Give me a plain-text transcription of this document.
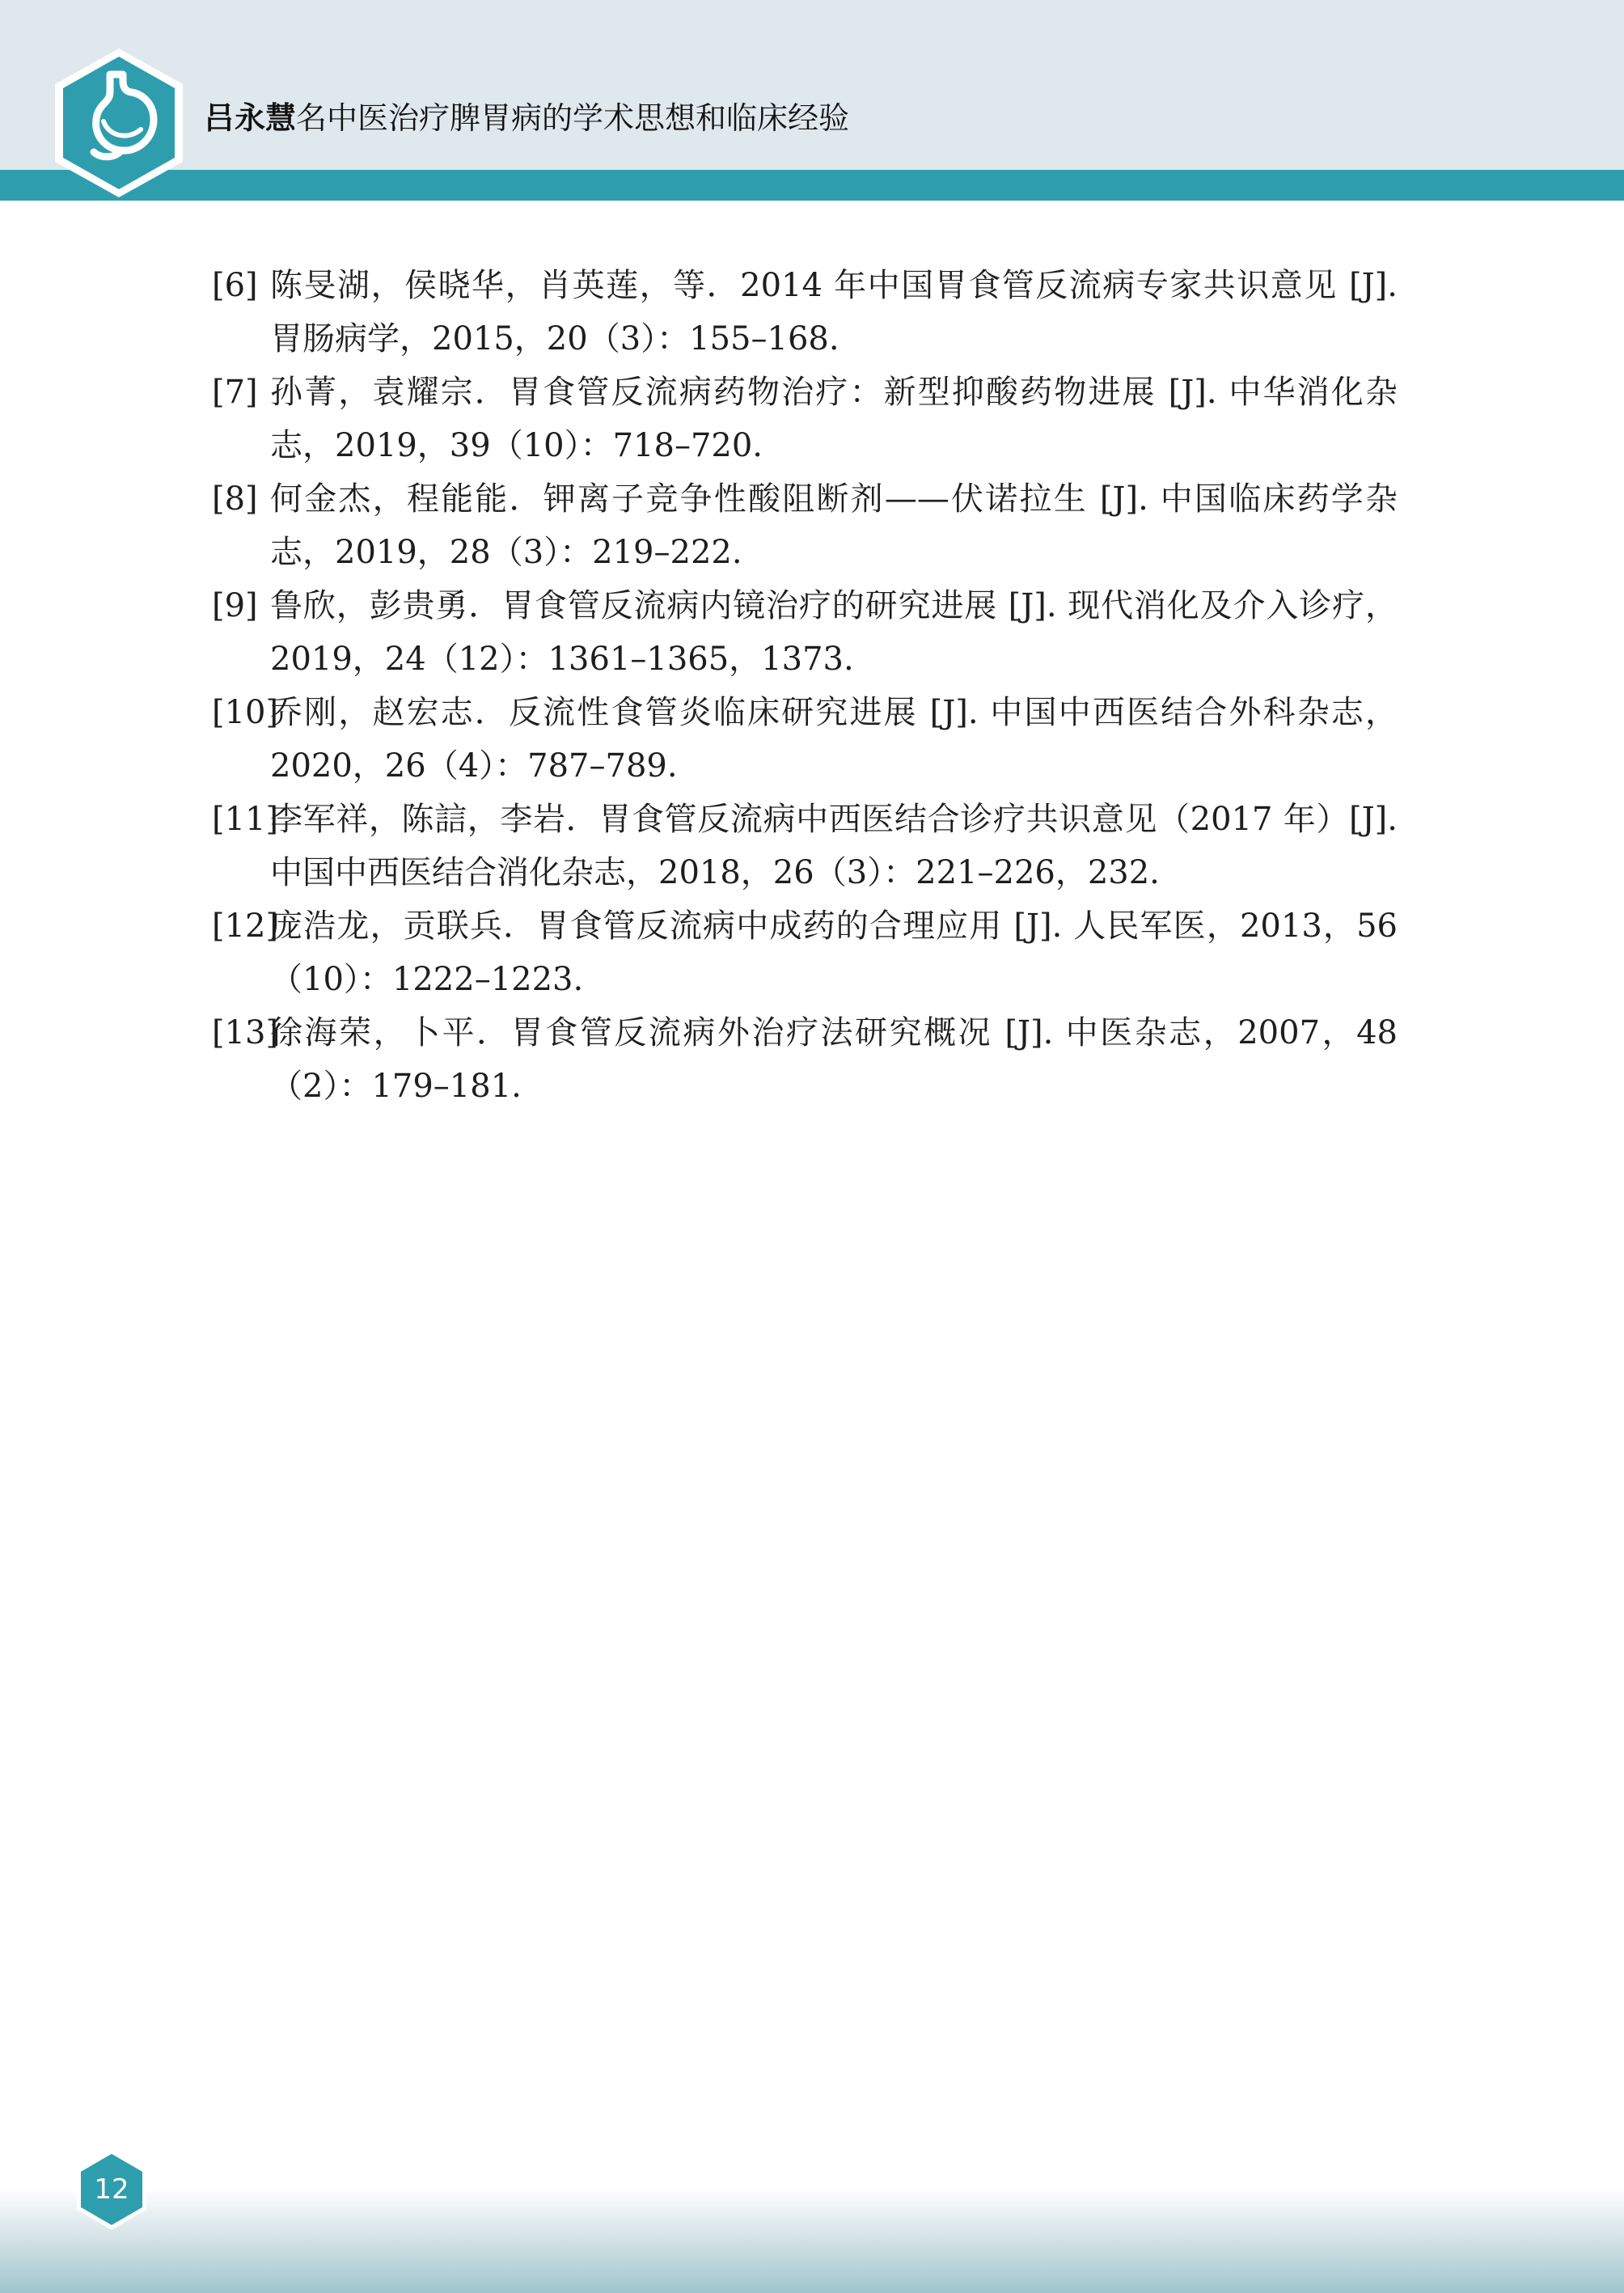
吕永慧名中医治疗脾胃病的学术思想和临床经验
[6] 陈旻湖，侯晓华，肖英莲，等．2014 年中国胃食管反流病专家共识意见 [J]. 胃肠病学，2015，20（3）：155–168.
[7] 孙菁，袁耀宗．胃食管反流病药物治疗：新型抑酸药物进展 [J]. 中华消化杂志，2019，39（10）：718–720.
[8] 何金杰，程能能．钾离子竞争性酸阻断剂——伏诺拉生 [J]. 中国临床药学杂志，2019，28（3）：219–222.
[9] 鲁欣，彭贵勇．胃食管反流病内镜治疗的研究进展 [J]. 现代消化及介入诊疗，2019，24（12）：1361–1365，1373.
[10]
乔刚，赵宏志．反流性食管炎临床研究进展 [J]. 中国中西医结合外科杂志，2020，26（4）：787–789.
[11]
李军祥，陈誩，李岩．胃食管反流病中西医结合诊疗共识意见（2017 年）[J]. 中国中西医结合消化杂志，2018，26（3）：221–226，232.
[12]
庞浩龙，贡联兵．胃食管反流病中成药的合理应用 [J]. 人民军医，2013，56（10）：1222–1223.
[13]
徐海荣，卜平．胃食管反流病外治疗法研究概况 [J]. 中医杂志，2007，48（2）：179–181.
12
